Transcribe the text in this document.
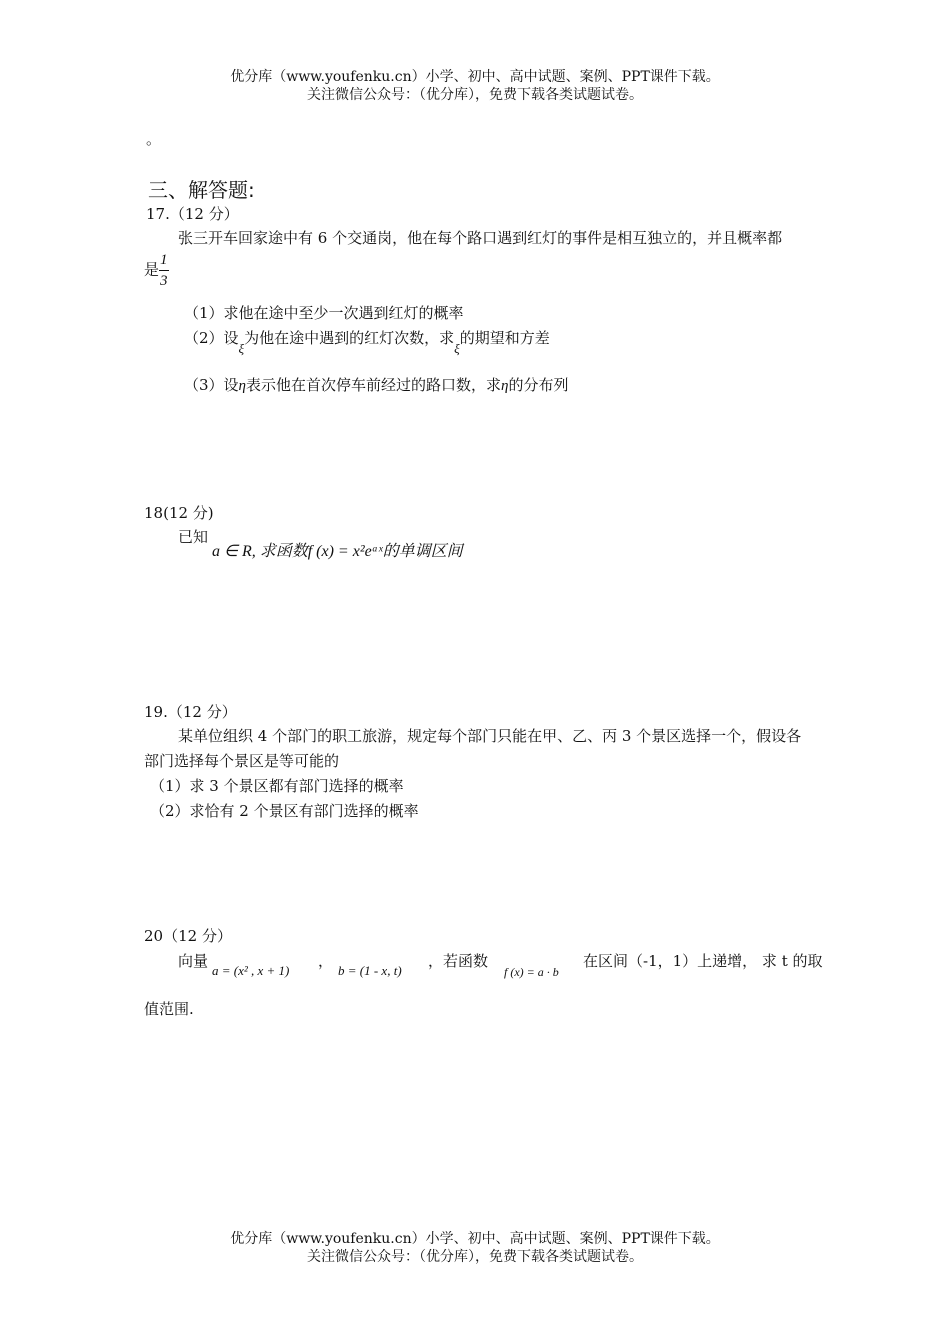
优分库（www.youfenku.cn）小学、初中、高中试题、案例、PPT课件下载。
关注微信公众号：（优分库），免费下载各类试题试卷。
。
三、解答题:
17.（12 分）
张三开车回家途中有 6 个交通岗，他在每个路口遇到红灯的事件是相互独立的，并且概率都
是 $\frac{1}{3}$
（1）求他在途中至少一次遇到红灯的概率
（2）设ξ为他在途中遇到的红灯次数，求ξ的期望和方差
（3）设η表示他在首次停车前经过的路口数，求η的分布列
18(12 分)
已知
a ∈ R, 求函数f (x) = x²eᵃˣ的单调区间
19.（12 分）
某单位组织 4 个部门的职工旅游，规定每个部门只能在甲、乙、丙 3 个景区选择一个，假设各
部门选择每个景区是等可能的
（1）求 3 个景区都有部门选择的概率
（2）求恰有 2 个景区有部门选择的概率
20（12 分）
向量
a = (x² , x + 1)
，
b = (1 - x, t)
，若函数
f (x) = a · b
在区间（-1，1）上递增， 求 t 的取
值范围.
优分库（www.youfenku.cn）小学、初中、高中试题、案例、PPT课件下载。
关注微信公众号：（优分库），免费下载各类试题试卷。
